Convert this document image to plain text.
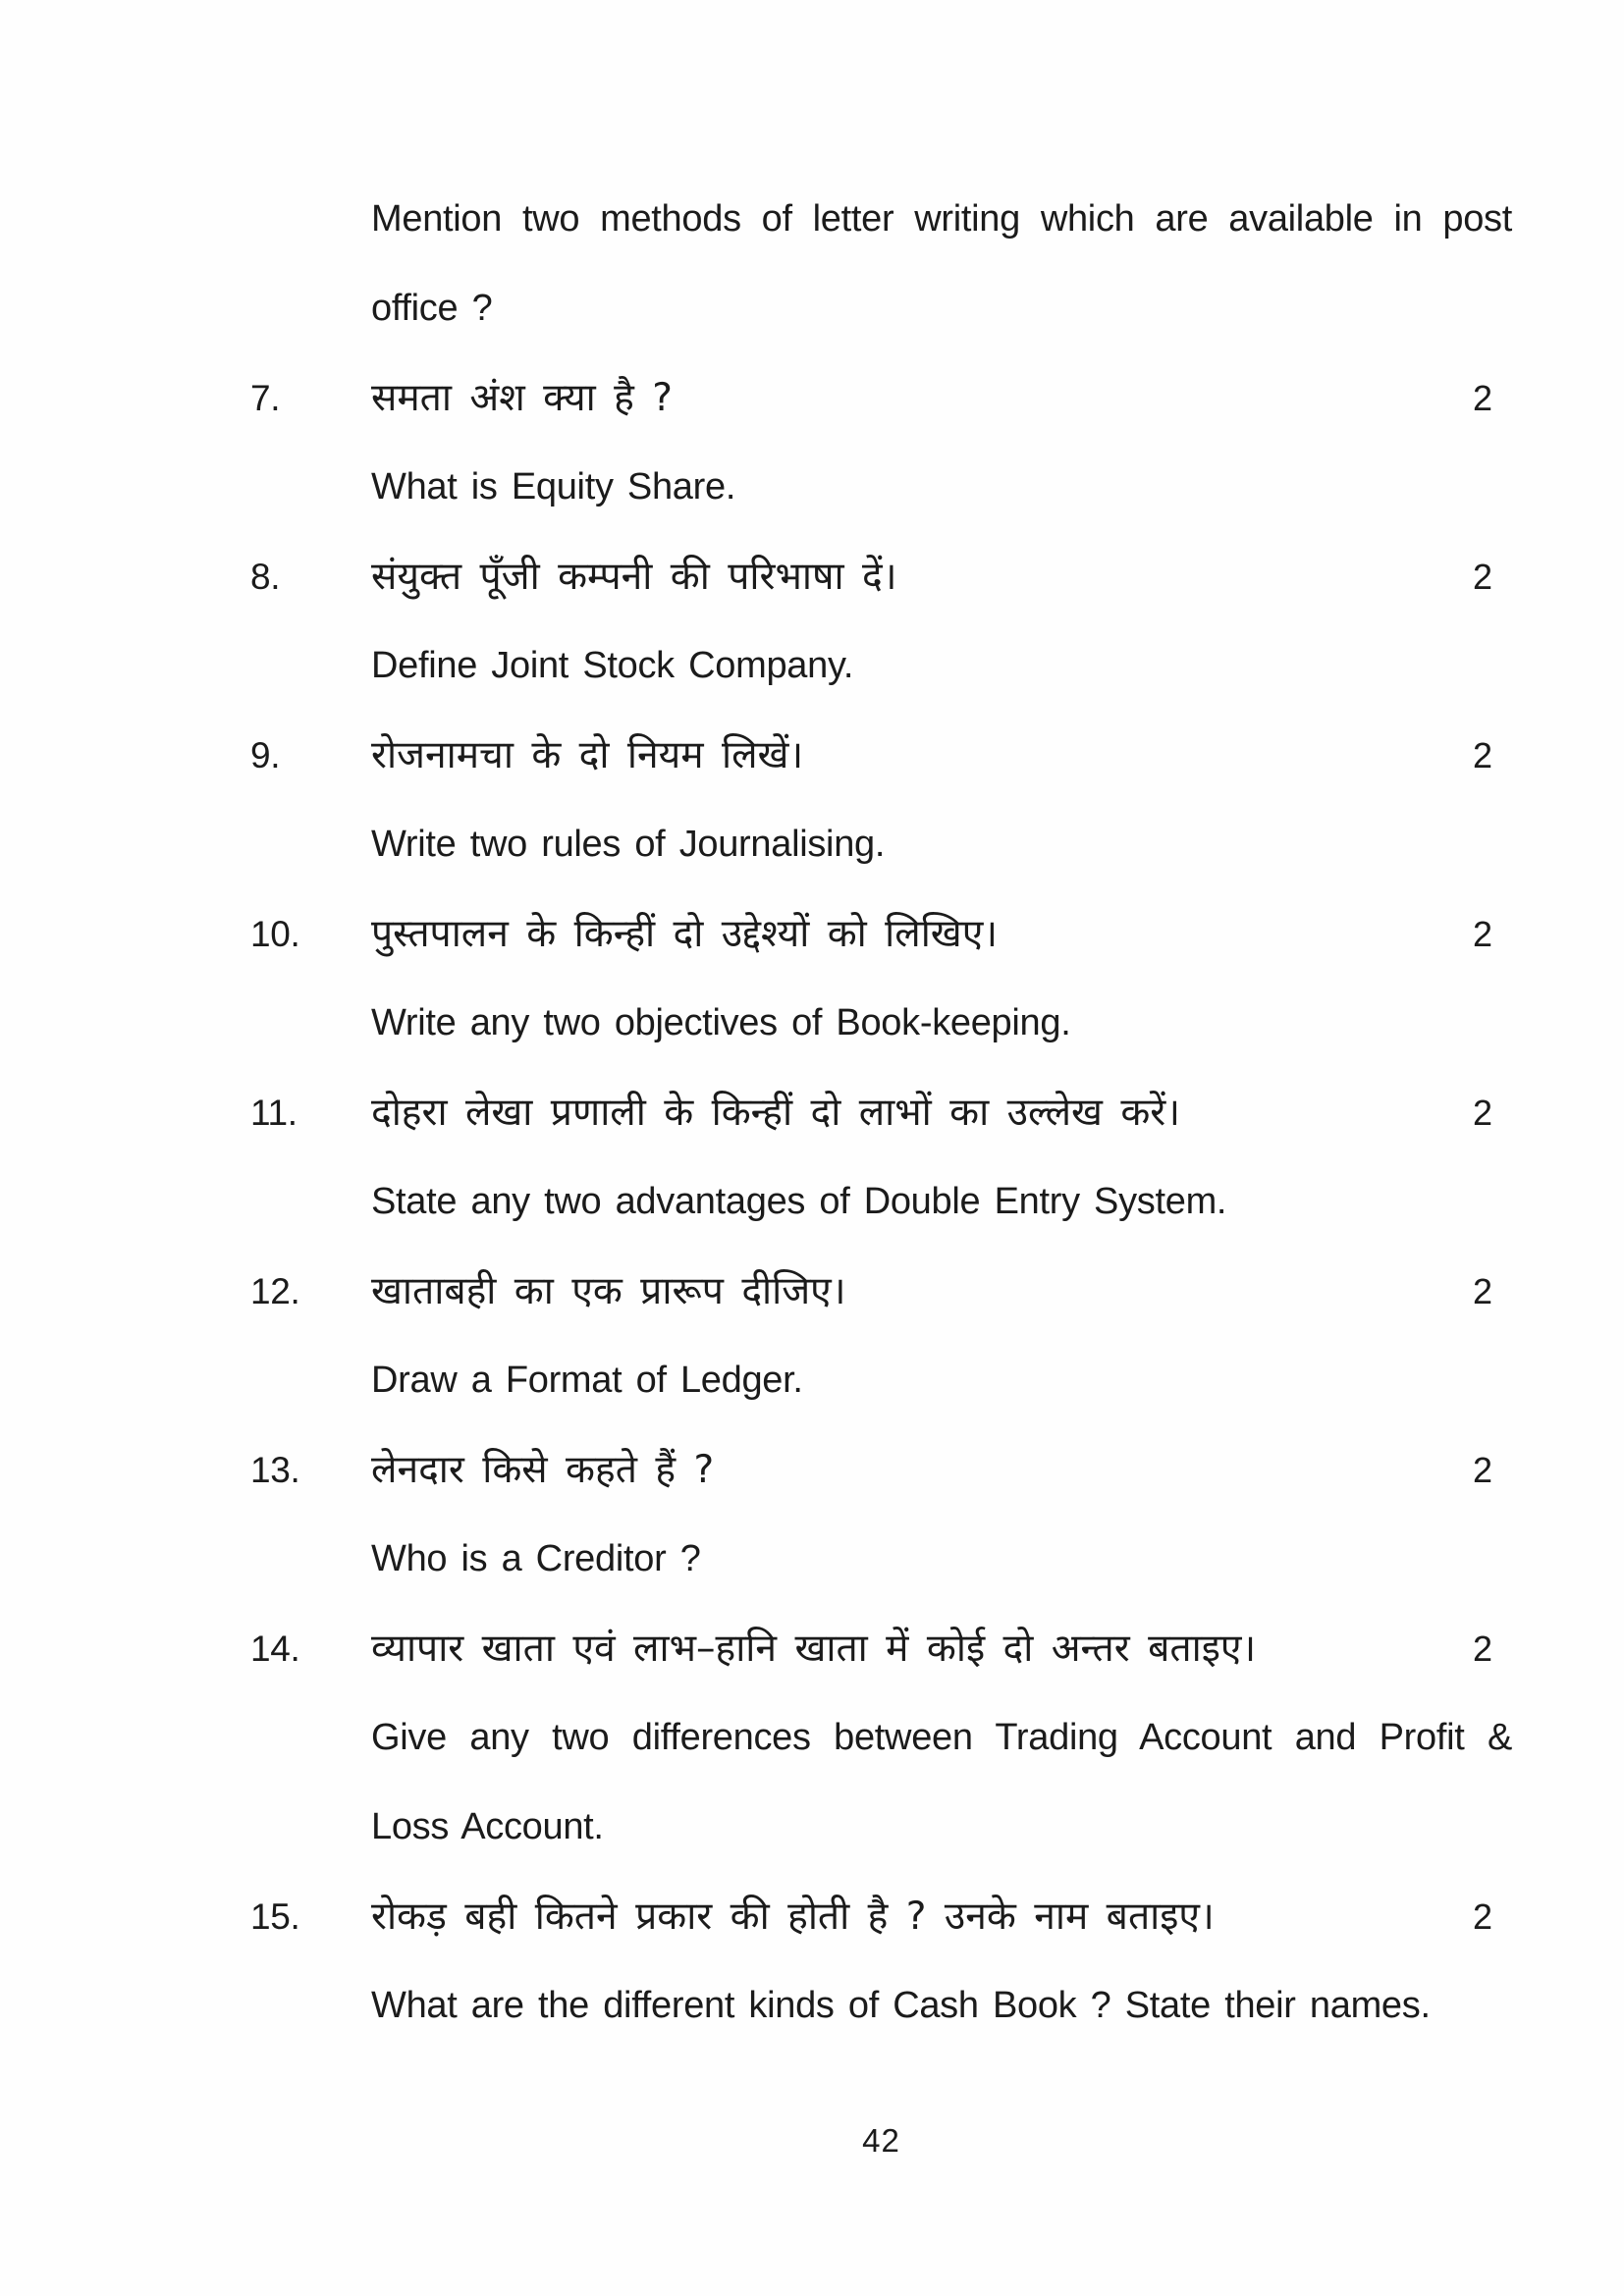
Mention two methods of letter writing which are available in post office ?
7.	समता अंश क्या है ?	2
What is Equity Share.
8.	संयुक्त पूँजी कम्पनी की परिभाषा दें।	2
Define Joint Stock Company.
9.	रोजनामचा के दो नियम लिखें।	2
Write two rules of Journalising.
10.	पुस्तपालन के किन्हीं दो उद्देश्यों को लिखिए।	2
Write any two objectives of Book-keeping.
11.	दोहरा लेखा प्रणाली के किन्हीं दो लाभों का उल्लेख करें।	2
State any two advantages of Double Entry System.
12.	खाताबही का एक प्रारूप दीजिए।	2
Draw a Format of Ledger.
13.	लेनदार किसे कहते हैं ?	2
Who is a Creditor ?
14.	व्यापार खाता एवं लाभ–हानि खाता में कोई दो अन्तर बताइए।	2
Give any two differences between Trading Account and Profit & Loss Account.
15.	रोकड़ बही कितने प्रकार की होती है ? उनके नाम बताइए।	2
What are the different kinds of Cash Book ? State their names.
42
